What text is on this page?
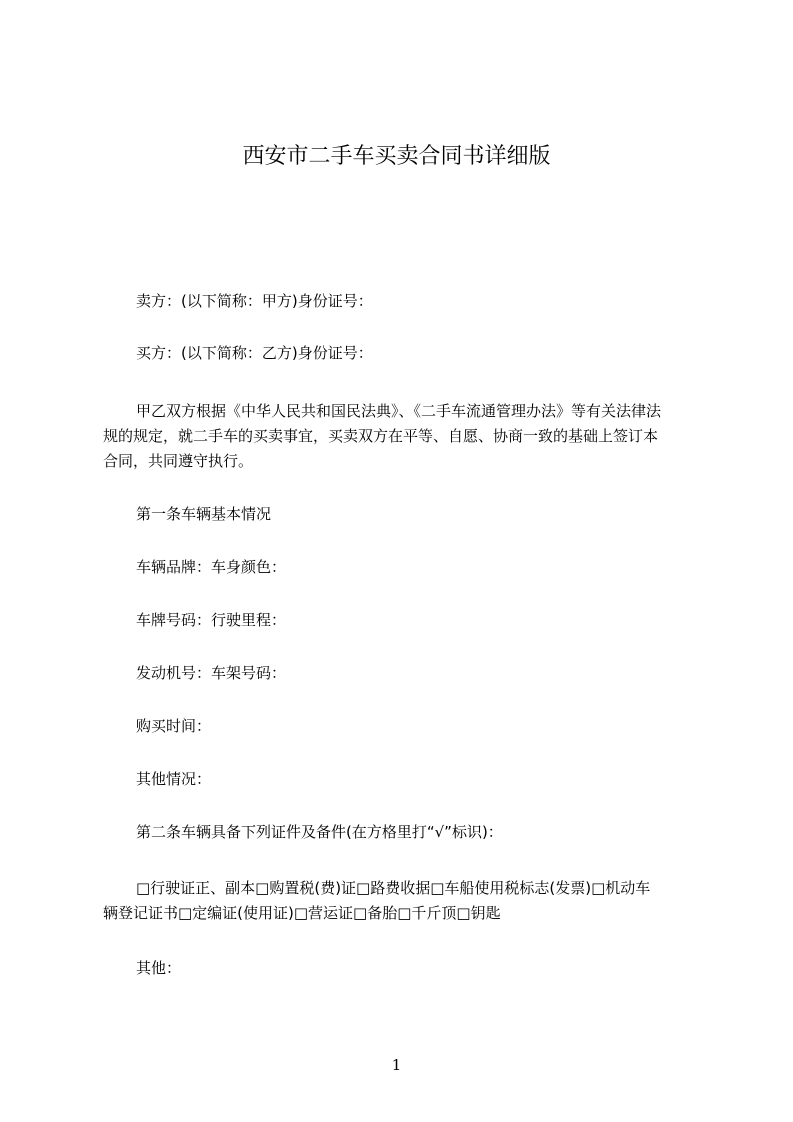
西安市二手车买卖合同书详细版
卖方：(以下简称：甲方)身份证号：
买方：(以下简称：乙方)身份证号：
甲乙双方根据《中华人民共和国民法典》、《二手车流通管理办法》等有关法律法
规的规定，就二手车的买卖事宜，买卖双方在平等、自愿、协商一致的基础上签订本
合同，共同遵守执行。
第一条车辆基本情况
车辆品牌：车身颜色：
车牌号码：行驶里程：
发动机号：车架号码：
购买时间：
其他情况：
第二条车辆具备下列证件及备件(在方格里打“√”标识)：
□行驶证正、副本□购置税(费)证□路费收据□车船使用税标志(发票)□机动车
辆登记证书□定编证(使用证)□营运证□备胎□千斤顶□钥匙
其他：
1
